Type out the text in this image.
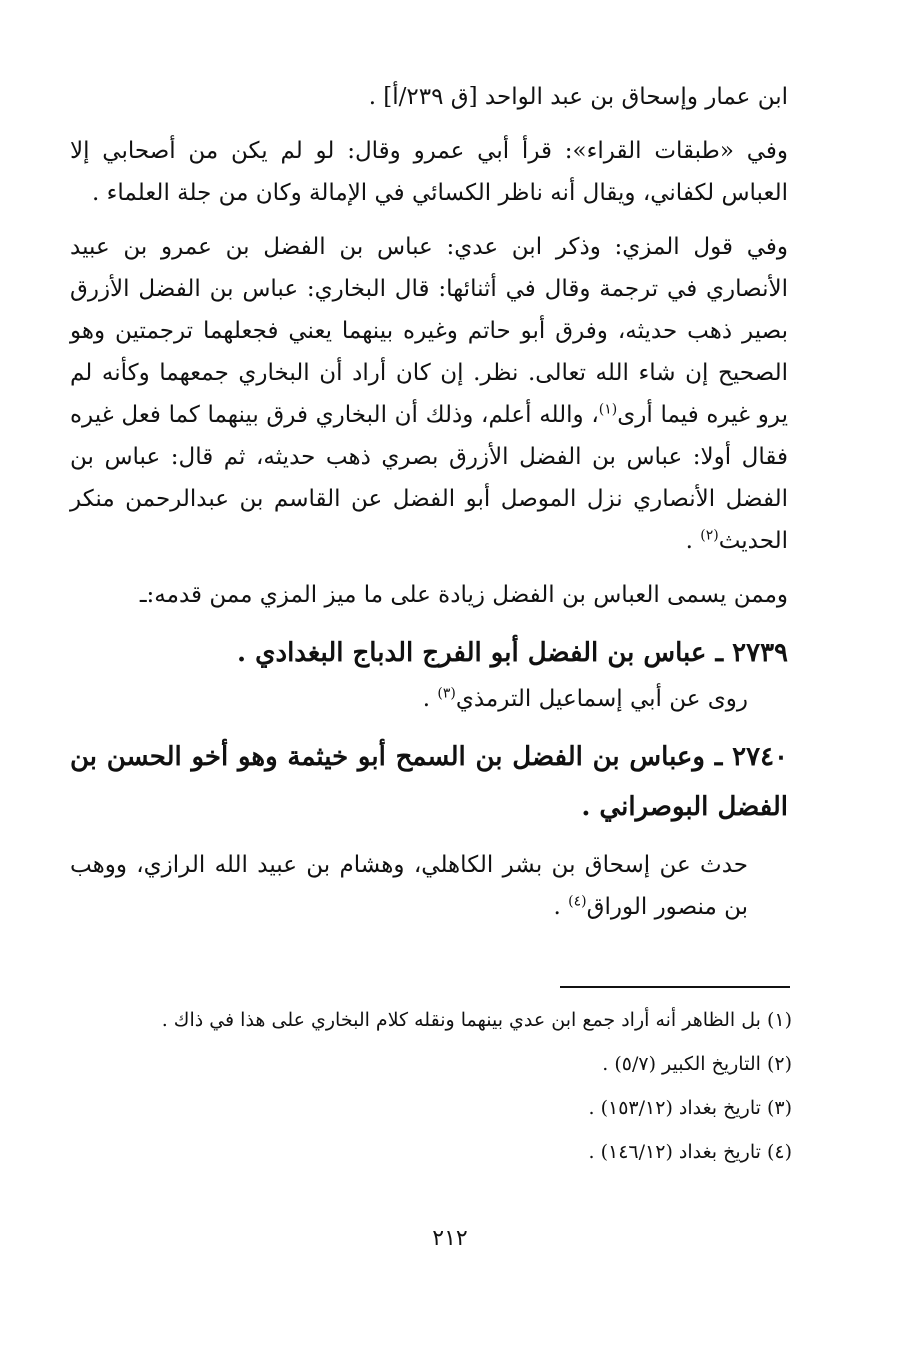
ابن عمار وإسحاق بن عبد الواحد [ق ٢٣٩/أ] .

وفي «طبقات القراء»: قرأ أبي عمرو وقال: لو لم يكن من أصحابي إلا العباس لكفاني، ويقال أنه ناظر الكسائي في الإمالة وكان من جلة العلماء .

وفي قول المزي: وذكر ابن عدي: عباس بن الفضل بن عمرو بن عبيد الأنصاري في ترجمة وقال في أثنائها: قال البخاري: عباس بن الفضل الأزرق بصير ذهب حديثه، وفرق أبو حاتم وغيره بينهما يعني فجعلهما ترجمتين وهو الصحيح إن شاء الله تعالى. نظر. إن كان أراد أن البخاري جمعهما وكأنه لم يرو غيره فيما أرى$^{(١)}$، والله أعلم، وذلك أن البخاري فرق بينهما كما فعل غيره فقال أولا: عباس بن الفضل الأزرق بصري ذهب حديثه، ثم قال: عباس بن الفضل الأنصاري نزل الموصل أبو الفضل عن القاسم بن عبدالرحمن منكر الحديث$^{(٢)}$ .

وممن يسمى العباس بن الفضل زيادة على ما ميز المزي ممن قدمه:ـ

٢٧٣٩ ـ عباس بن الفضل أبو الفرج الدباج البغدادي .

روى عن أبي إسماعيل الترمذي$^{(٣)}$ .

٢٧٤٠ ـ وعباس بن الفضل بن السمح أبو خيثمة وهو أخو الحسن بن الفضل البوصراني .

حدث عن إسحاق بن بشر الكاهلي، وهشام بن عبيد الله الرازي، ووهب بن منصور الوراق$^{(٤)}$ .

(١) بل الظاهر أنه أراد جمع ابن عدي بينهما ونقله كلام البخاري على هذا في ذاك .
(٢) التاريخ الكبير (٥/٧) .
(٣) تاريخ بغداد (١٥٣/١٢) .
(٤) تاريخ بغداد (١٤٦/١٢) .
٢١٢
